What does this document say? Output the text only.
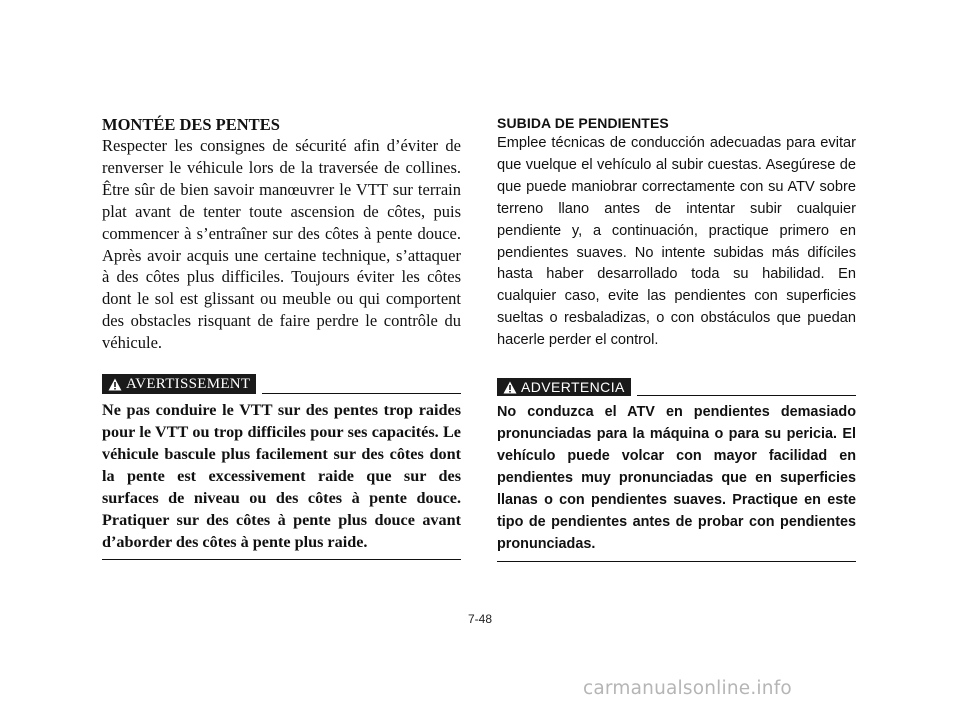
MONTÉE DES PENTES

Respecter les consignes de sécurité afin d’éviter de renverser le véhicule lors de la traversée de collines. Être sûr de bien savoir manœuvrer le VTT sur terrain plat avant de tenter toute ascension de côtes, puis commencer à s’entraîner sur des côtes à pente douce. Après avoir acquis une certaine technique, s’attaquer à des côtes plus difficiles. Toujours éviter les côtes dont le sol est glissant ou meuble ou qui comportent des obstacles risquant de faire perdre le contrôle du véhicule.

AVERTISSEMENT

Ne pas conduire le VTT sur des pentes trop raides pour le VTT ou trop difficiles pour ses capacités. Le véhicule bascule plus facilement sur des côtes dont la pente est excessivement raide que sur des surfaces de niveau ou des côtes à pente douce. Pratiquer sur des côtes à pente plus douce avant d’aborder des côtes à pente plus raide.

SUBIDA DE PENDIENTES

Emplee técnicas de conducción adecuadas para evitar que vuelque el vehículo al subir cuestas. Asegúrese de que puede maniobrar correctamente con su ATV sobre terreno llano antes de intentar subir cualquier pendiente y, a continuación, practique primero en pendientes suaves. No intente subidas más difíciles hasta haber desarrollado toda su habilidad. En cualquier caso, evite las pendientes con superficies sueltas o resbaladizas, o con obstáculos que puedan hacerle perder el control.

ADVERTENCIA

No conduzca el ATV en pendientes demasiado pronunciadas para la máquina o para su pericia. El vehículo puede volcar con mayor facilidad en pendientes muy pronunciadas que en superficies llanas o con pendientes suaves. Practique en este tipo de pendientes antes de probar con pendientes pronunciadas.

7-48
carmanualsonline.info
